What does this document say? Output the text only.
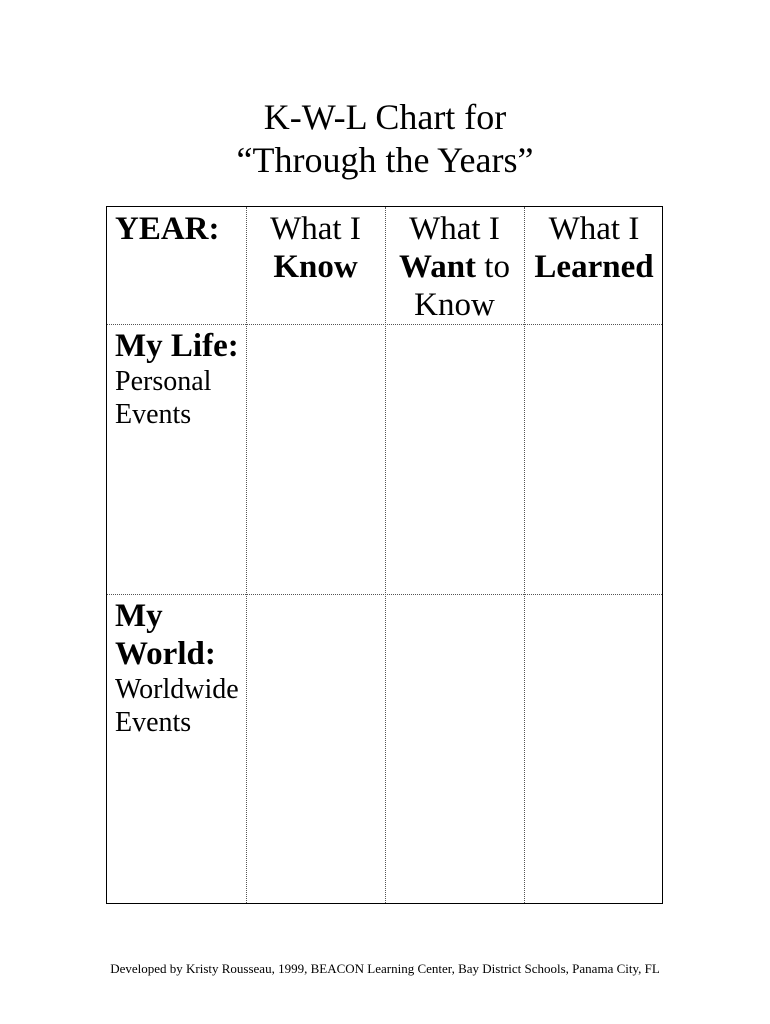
K-W-L Chart for
“Through the Years”
YEAR:	What I
Know
What I
Want to
Know
What I
Learned
My Life:
Personal
Events
My
World:
Worldwide
Events
Developed by Kristy Rousseau, 1999, BEACON Learning Center, Bay District Schools, Panama City, FL
